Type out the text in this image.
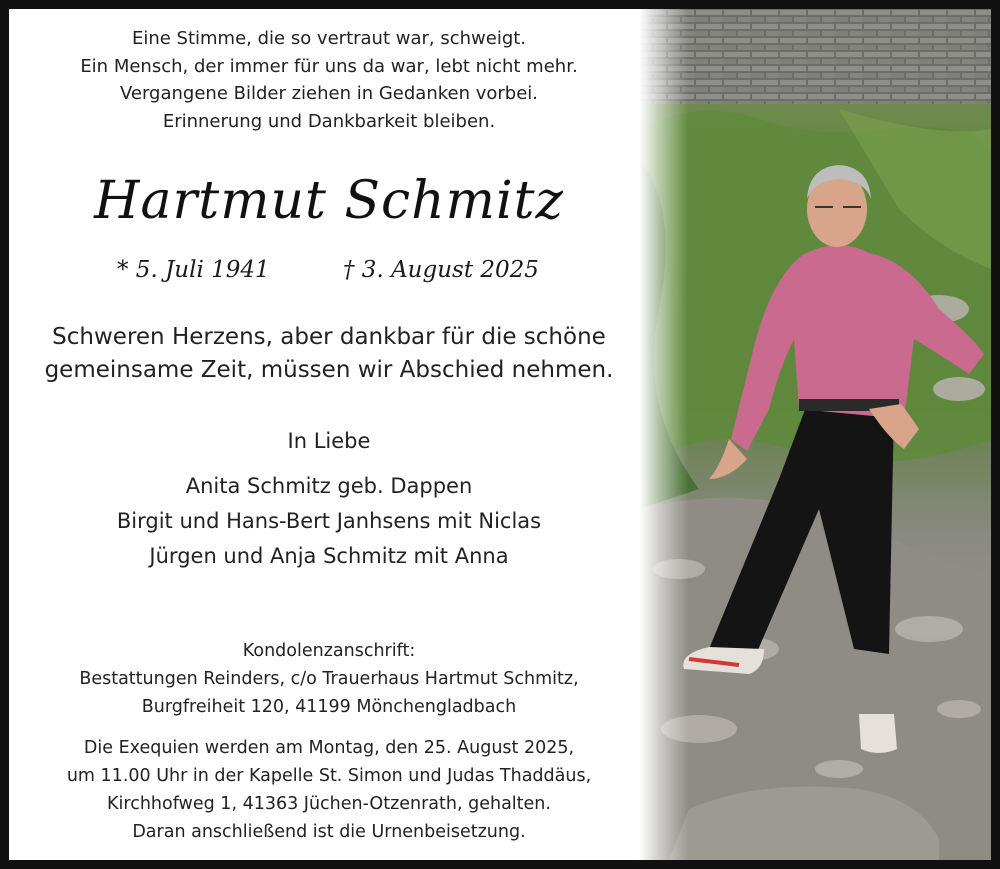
Eine Stimme, die so vertraut war, schweigt.
Ein Mensch, der immer für uns da war, lebt nicht mehr.
Vergangene Bilder ziehen in Gedanken vorbei.
Erinnerung und Dankbarkeit bleiben.
Hartmut Schmitz
* 5. Juli 1941	† 3. August 2025
Schweren Herzens, aber dankbar für die schöne
gemeinsame Zeit, müssen wir Abschied nehmen.
In Liebe
Anita Schmitz geb. Dappen
Birgit und Hans-Bert Janhsens mit Niclas
Jürgen und Anja Schmitz mit Anna
Kondolenzanschrift:
Bestattungen Reinders, c/o Trauerhaus Hartmut Schmitz,
Burgfreiheit 120, 41199 Mönchengladbach
Die Exequien werden am Montag, den 25. August 2025,
um 11.00 Uhr in der Kapelle St. Simon und Judas Thaddäus,
Kirchhofweg 1, 41363 Jüchen-Otzenrath, gehalten.
Daran anschließend ist die Urnenbeisetzung.
